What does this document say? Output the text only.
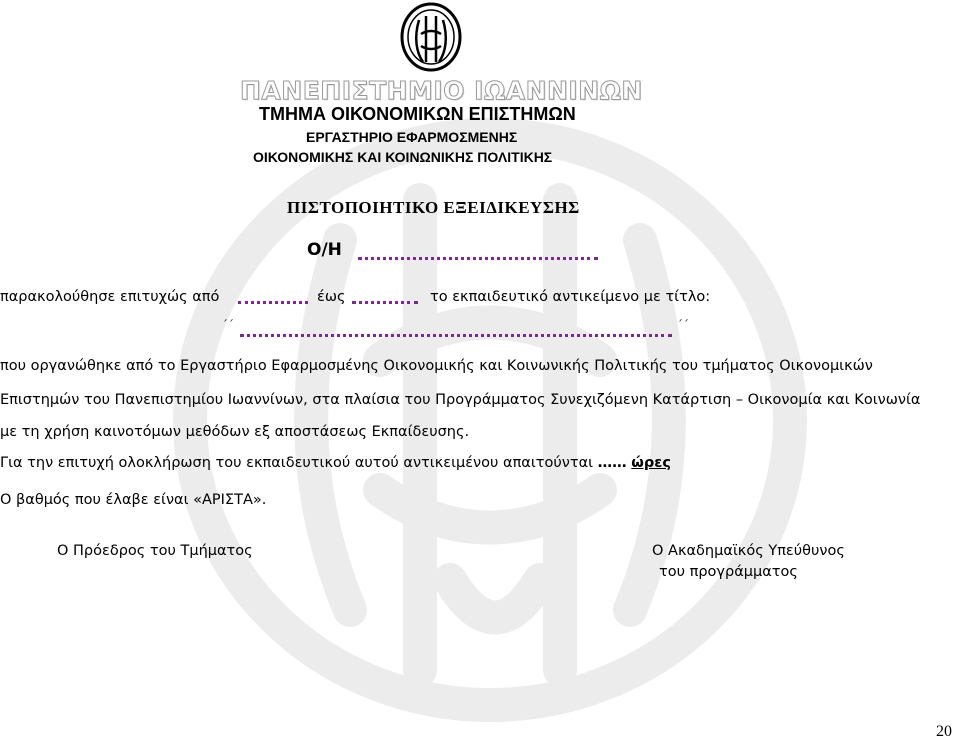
ΠΑΝΕΠΙΣΤΗΜΙΟ ΙΩΑΝΝΙΝΩΝ
ΤΜΗΜΑ ΟΙΚΟΝΟΜΙΚΩΝ ΕΠΙΣΤΗΜΩΝ
ΕΡΓΑΣΤΗΡΙΟ ΕΦΑΡΜΟΣΜΕΝΗΣ
ΟΙΚΟΝΟΜΙΚΗΣ ΚΑΙ ΚΟΙΝΩΝΙΚΗΣ ΠΟΛΙΤΙΚΗΣ
ΠΙΣΤΟΠΟΙΗΤΙΚΟ ΕΞΕΙΔΙΚΕΥΣΗΣ
Ο/Η
παρακολούθησε επιτυχώς από	έως	το εκπαιδευτικό αντικείμενο με τίτλο:
΄΄	΄΄
που οργανώθηκε από το Εργαστήριο Εφαρμοσμένης Οικονομικής και Κοινωνικής Πολιτικής του τμήματος Οικονομικών
Επιστημών του Πανεπιστημίου Ιωαννίνων, στα πλαίσια του Προγράμματος Συνεχιζόμενη Κατάρτιση – Οικονομία και Κοινωνία
με τη χρήση καινοτόμων μεθόδων εξ αποστάσεως Εκπαίδευσης.
Για την επιτυχή ολοκλήρωση του εκπαιδευτικού αυτού αντικειμένου απαιτούνται …… ώρες
Ο βαθμός που έλαβε είναι «ΑΡΙΣΤΑ».
Ο Πρόεδρος του Τμήματος	Ο Ακαδημαϊκός Υπεύθυνος
του προγράμματος
20
